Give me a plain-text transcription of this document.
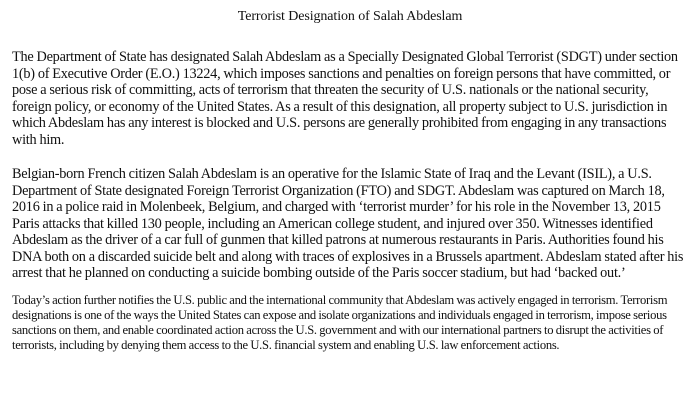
Terrorist Designation of Salah Abdeslam

The Department of State has designated Salah Abdeslam as a Specially Designated Global Terrorist (SDGT) under section 1(b) of Executive Order (E.O.) 13224, which imposes sanctions and penalties on foreign persons that have committed, or pose a serious risk of committing, acts of terrorism that threaten the security of U.S. nationals or the national security, foreign policy, or economy of the United States. As a result of this designation, all property subject to U.S. jurisdiction in which Abdeslam has any interest is blocked and U.S. persons are generally prohibited from engaging in any transactions with him.

Belgian-born French citizen Salah Abdeslam is an operative for the Islamic State of Iraq and the Levant (ISIL), a U.S. Department of State designated Foreign Terrorist Organization (FTO) and SDGT. Abdeslam was captured on March 18, 2016 in a police raid in Molenbeek, Belgium, and charged with ‘terrorist murder’ for his role in the November 13, 2015 Paris attacks that killed 130 people, including an American college student, and injured over 350. Witnesses identified Abdeslam as the driver of a car full of gunmen that killed patrons at numerous restaurants in Paris. Authorities found his DNA both on a discarded suicide belt and along with traces of explosives in a Brussels apartment. Abdeslam stated after his arrest that he planned on conducting a suicide bombing outside of the Paris soccer stadium, but had ‘backed out.’

Today’s action further notifies the U.S. public and the international community that Abdeslam was actively engaged in terrorism. Terrorism designations is one of the ways the United States can expose and isolate organizations and individuals engaged in terrorism, impose serious sanctions on them, and enable coordinated action across the U.S. government and with our international partners to disrupt the activities of terrorists, including by denying them access to the U.S. financial system and enabling U.S. law enforcement actions.
